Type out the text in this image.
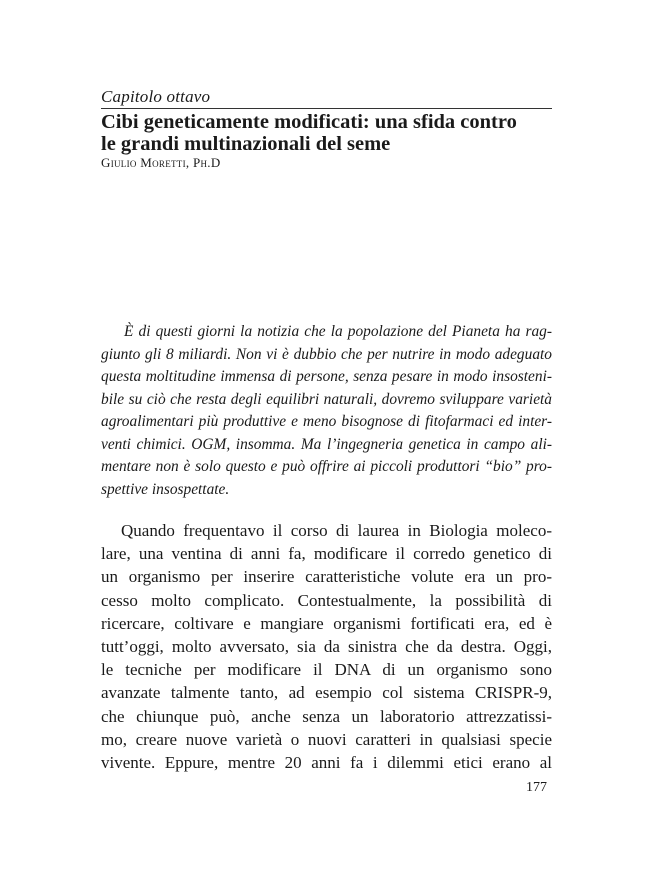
Capitolo ottavo
Cibi geneticamente modificati: una sfida contro
le grandi multinazionali del seme
Giulio Moretti, Ph.D

È di questi giorni la notizia che la popolazione del Pianeta ha rag-
giunto gli 8 miliardi. Non vi è dubbio che per nutrire in modo adeguato
questa moltitudine immensa di persone, senza pesare in modo insosteni-
bile su ciò che resta degli equilibri naturali, dovremo sviluppare varietà
agroalimentari più produttive e meno bisognose di fitofarmaci ed inter-
venti chimici. OGM, insomma. Ma l’ingegneria genetica in campo ali-
mentare non è solo questo e può offrire ai piccoli produttori “bio” pro-
spettive insospettate.

Quando frequentavo il corso di laurea in Biologia moleco-
lare, una ventina di anni fa, modificare il corredo genetico di
un organismo per inserire caratteristiche volute era un pro-
cesso molto complicato. Contestualmente, la possibilità di
ricercare, coltivare e mangiare organismi fortificati era, ed è
tutt’oggi, molto avversato, sia da sinistra che da destra. Oggi,
le tecniche per modificare il DNA di un organismo sono
avanzate talmente tanto, ad esempio col sistema CRISPR-9,
che chiunque può, anche senza un laboratorio attrezzatissi-
mo, creare nuove varietà o nuovi caratteri in qualsiasi specie
vivente. Eppure, mentre 20 anni fa i dilemmi etici erano al

177
